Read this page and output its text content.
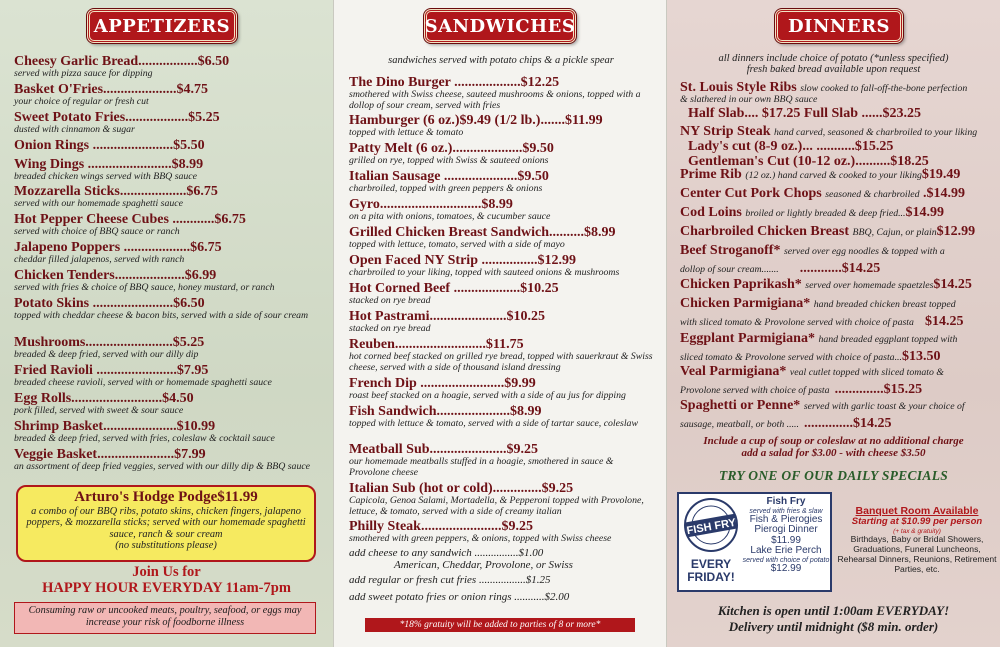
APPETIZERS
Cheesy Garlic Bread.................$6.50
served with pizza sauce for dipping
Basket O'Fries.....................$4.75
your choice of regular or fresh cut
Sweet Potato Fries..................$5.25
dusted with cinnamon & sugar
Onion Rings .......................$5.50
Wing Dings ........................$8.99
breaded chicken wings served with BBQ sauce
Mozzarella Sticks...................$6.75
served with our homemade spaghetti sauce
Hot Pepper Cheese Cubes ............$6.75
served with choice of BBQ sauce or ranch
Jalapeno Poppers ...................$6.75
cheddar filled jalapenos, served with ranch
Chicken Tenders....................$6.99
served with fries & choice of BBQ sauce, honey mustard, or ranch
Potato Skins .......................$6.50
topped with cheddar cheese & bacon bits, served with a side of sour cream
Mushrooms.........................$5.25
breaded & deep fried, served with our dilly dip
Fried Ravioli .......................$7.95
breaded cheese ravioli, served with or homemade spaghetti sauce
Egg Rolls..........................$4.50
pork filled, served with sweet & sour sauce
Shrimp Basket.....................$10.99
breaded & deep fried, served with fries, coleslaw & cocktail sauce
Veggie Basket......................$7.99
an assortment of deep fried veggies, served with our dilly dip & BBQ sauce
Arturo's Hodge Podge$11.99
a combo of our BBQ ribs, potato skins, chicken fingers, jalapeno poppers, & mozzarella sticks; served with our homemade spaghetti sauce, ranch & sour cream
(no substitutions please)
Join Us for
HAPPY HOUR EVERYDAY 11am-7pm
Consuming raw or uncooked meats, poultry, seafood, or eggs may increase your risk of foodborne illness
SANDWICHES
sandwiches served with potato chips & a pickle spear
The Dino Burger ...................$12.25
smothered with Swiss cheese, sauteed mushrooms & onions, topped with a dollop of sour cream, served with fries
Hamburger (6 oz.)$9.49 (1/2 lb.).......$11.99
topped with lettuce & tomato
Patty Melt (6 oz.)....................$9.50
grilled on rye, topped with Swiss & sauteed onions
Italian Sausage .....................$9.50
charbroiled, topped with green peppers & onions
Gyro.............................$8.99
on a pita with onions, tomatoes, & cucumber sauce
Grilled Chicken Breast Sandwich..........$8.99
topped with lettuce, tomato, served with a side of mayo
Open Faced NY Strip ................$12.99
charbroiled to your liking, topped with sauteed onions & mushrooms
Hot Corned Beef ...................$10.25
stacked on rye bread
Hot Pastrami......................$10.25
stacked on rye bread
Reuben..........................$11.75
hot corned beef stacked on grilled rye bread, topped with sauerkraut & Swiss cheese, served with a side of thousand island dressing
French Dip ........................$9.99
roast beef stacked on a hoagie, served with a side of au jus for dipping
Fish Sandwich.....................$8.99
topped with lettuce & tomato, served with a side of tartar sauce, coleslaw
Meatball Sub......................$9.25
our homemade meatballs stuffed in a hoagie, smothered in sauce & Provolone cheese
Italian Sub (hot or cold)..............$9.25
Capicola, Genoa Salami, Mortadella, & Pepperoni topped with Provolone, lettuce, & tomato, served with a side of creamy italian
Philly Steak.......................$9.25
smothered with green peppers, & onions, topped with Swiss cheese
add cheese to any sandwich ................$1.00
American, Cheddar, Provolone, or Swiss
add regular or fresh cut fries .................$1.25
add sweet potato fries or onion rings ...........$2.00
*18% gratuity will be added to parties of 8 or more*
DINNERS
all dinners include choice of potato (*unless specified)
fresh baked bread available upon request
St. Louis Style Ribs slow cooked to fall-off-the-bone perfection
& slathered in our own BBQ sauce
Half Slab.... $17.25 Full Slab ......$23.25
NY Strip Steak hand carved, seasoned & charbroiled to your liking
Lady's cut (8-9 oz.)... ...........$15.25
Gentleman's Cut (10-12 oz.)..........$18.25
Prime Rib (12 oz.) hand carved & cooked to your liking$19.49
Center Cut Pork Chops seasoned & charbroiled .$14.99
Cod Loins broiled or lightly breaded & deep fried...$14.99
Charbroiled Chicken Breast BBQ, Cajun, or plain$12.99
Beef Stroganoff* served over egg noodles & topped with a
dollop of sour cream....... ............$14.25
Chicken Paprikash* served over homemade spaetzles$14.25
Chicken Parmigiana* hand breaded chicken breast topped
with sliced tomato & Provolone served with choice of pasta $14.25
Eggplant Parmigiana* hand breaded eggplant topped with
sliced tomato & Provolone served with choice of pasta...$13.50
Veal Parmigiana* veal cutlet topped with sliced tomato &
Provolone served with choice of pasta ..............$15.25
Spaghetti or Penne* served with garlic toast & your choice of
sausage, meatball, or both ..... ..............$14.25
Include a cup of soup or coleslaw at no additional charge
add a salad for $3.00 - with cheese $3.50
TRY ONE OF OUR DAILY SPECIALS
FISH FRY
EVERY
FRIDAY!
Fish Fry
served with fries & slaw
Fish & Pierogies
Pierogi Dinner
$11.99
Lake Erie Perch
served with choice of potato
$12.99
Banquet Room Available
Starting at $10.99 per person
(+ tax & gratuity)
Birthdays, Baby or Bridal Showers, Graduations, Funeral Luncheons, Rehearsal Dinners, Reunions, Retirement Parties, etc.
Kitchen is open until 1:00am EVERYDAY!
Delivery until midnight ($8 min. order)
